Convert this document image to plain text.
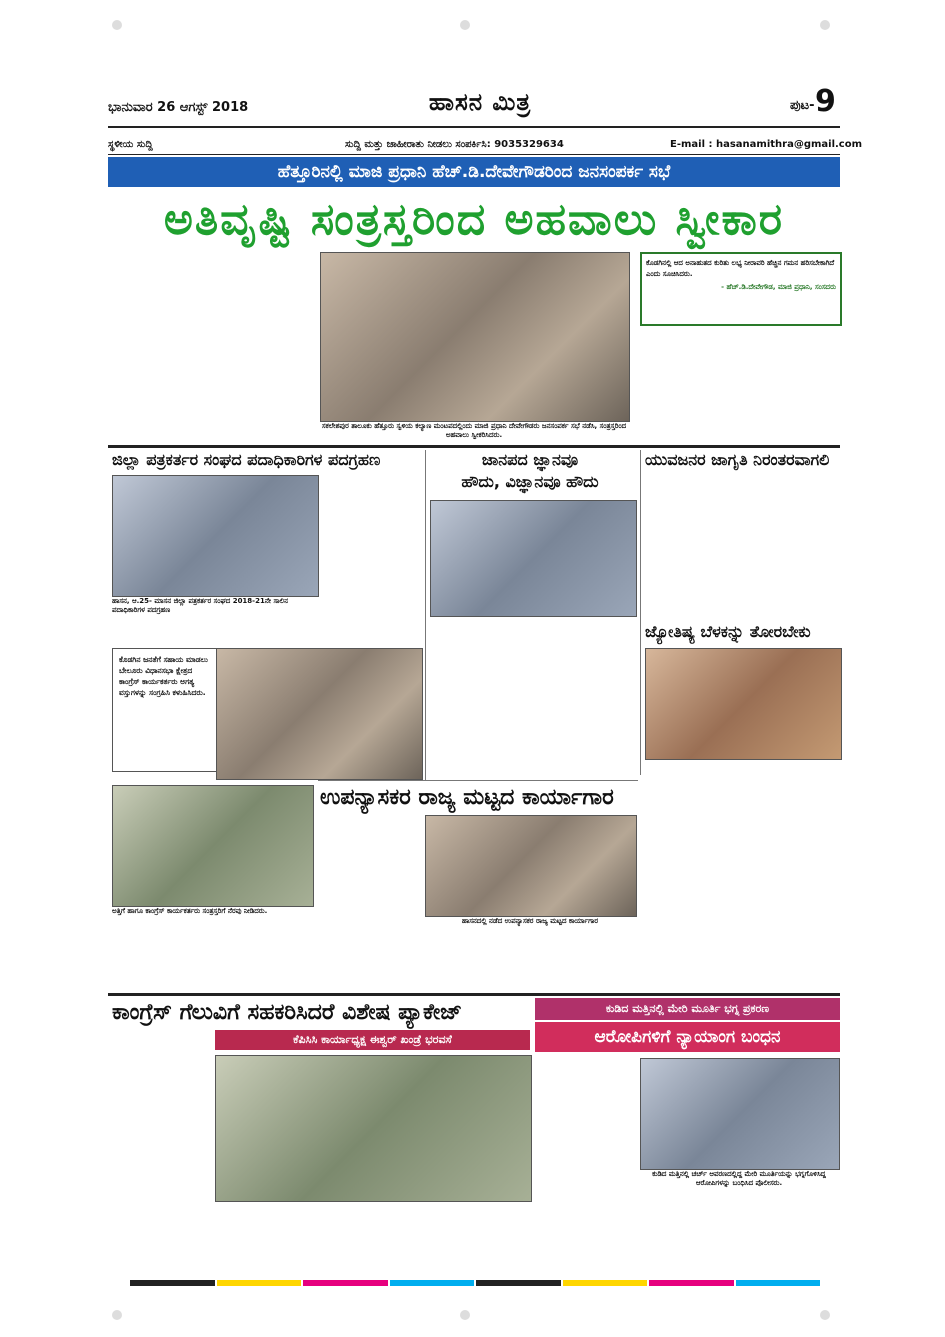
ಭಾನುವಾರ 26 ಆಗಸ್ಟ್ 2018	ಹಾಸನ ಮಿತ್ರ	ಪುಟ- 9
ಸ್ಥಳೀಯ ಸುದ್ದಿ	ಸುದ್ದಿ ಮತ್ತು ಜಾಹೀರಾತು ನೀಡಲು ಸಂಪರ್ಕಿಸಿ: 9035329634	E-mail : hasanamithra@gmail.com
ಹೆತ್ತೂರಿನಲ್ಲಿ ಮಾಜಿ ಪ್ರಧಾನಿ ಹೆಚ್.ಡಿ.ದೇವೇಗೌಡರಿಂದ ಜನಸಂಪರ್ಕ ಸಭೆ
ಅತಿವೃಷ್ಟಿ ಸಂತ್ರಸ್ತರಿಂದ ಅಹವಾಲು ಸ್ವೀಕಾರ
ಸಕಲೇಶಪುರ ತಾಲೂಕು ಹೆತ್ತೂರು ಸ್ವಳಿಯ ಕಲ್ಯಾಣ ಮಂಟಪದಲ್ಲಿಂದು ಮಾಜಿ ಪ್ರಧಾನಿ ದೇವೇಗೌಡರು ಜನಸಂಪರ್ಕ ಸಭೆ ನಡೆಸಿ, ಸಂತ್ರಸ್ತರಿಂದ ಅಹವಾಲು ಸ್ವೀಕರಿಸಿದರು.
ಕೊಡಗಿನಲ್ಲಿ ಆದ ಅನಾಹುತದ ಕುರಿತು ಲಭ್ಯ ನೀರಾವರಿ ಹೆಚ್ಚಿನ ಗಮನ ಹರಿಸಬೇಕಾಗಿದೆ ಎಂದು ಸೂಚಿಸಿದರು.
- ಹೆಚ್.ಡಿ.ದೇವೇಗೌಡ, ಮಾಜಿ ಪ್ರಧಾನಿ, ಸಂಸದರು
ಜಿಲ್ಲಾ ಪತ್ರಕರ್ತರ ಸಂಘದ ಪದಾಧಿಕಾರಿಗಳ ಪದಗ್ರಹಣ
ಹಾಸನ, ಆ.25- ಮಾಸನ ಜಿಲ್ಲಾ ಪತ್ರಕರ್ತರ ಸಂಘದ 2018-21ನೇ ಸಾಲಿನ ಪದಾಧಿಕಾರಿಗಳ ಪದಗ್ರಹಣ
ಕೊಡಗಿನ ಜನತೆಗೆ ಸಹಾಯ ಮಾಡಲು ಬೇಲೂರು ವಿಧಾನಸಭಾ ಕ್ಷೇತ್ರದ ಕಾಂಗ್ರೆಸ್ ಕಾರ್ಯಕರ್ತರು ಅಗತ್ಯ ವಸ್ತುಗಳನ್ನು ಸಂಗ್ರಹಿಸಿ ಕಳುಹಿಸಿದರು.
ಅತ್ತಿಗೆ ಹಾಗೂ ಕಾಂಗ್ರೆಸ್ ಕಾರ್ಯಕರ್ತರು ಸಂತ್ರಸ್ತರಿಗೆ ನೆರವು ನೀಡಿದರು.
ಜಾನಪದ ಜ್ಞಾನವೂ
ಹೌದು, ವಿಜ್ಞಾನವೂ ಹೌದು
ಯುವಜನರ ಜಾಗೃತಿ ನಿರಂತರವಾಗಲಿ
ಜ್ಯೋತಿಷ್ಯ ಬೆಳಕನ್ನು ತೋರಬೇಕು
ಉಪನ್ಯಾಸಕರ ರಾಜ್ಯ ಮಟ್ಟದ ಕಾರ್ಯಾಗಾರ
ಹಾಸನದಲ್ಲಿ ನಡೆದ ಉಪನ್ಯಾಸಕರ ರಾಜ್ಯ ಮಟ್ಟದ ಕಾರ್ಯಾಗಾರ
ಕಾಂಗ್ರೆಸ್ ಗೆಲುವಿಗೆ ಸಹಕರಿಸಿದರೆ ವಿಶೇಷ ಪ್ಯಾಕೇಜ್
ಕೆಪಿಸಿಸಿ ಕಾರ್ಯಾಧ್ಯಕ್ಷ ಈಶ್ವರ್ ಖಂಡ್ರೆ ಭರವಸೆ
ಕುಡಿದ ಮತ್ತಿನಲ್ಲಿ ಮೇರಿ ಮೂರ್ತಿ ಭಗ್ನ ಪ್ರಕರಣ
ಆರೋಪಿಗಳಿಗೆ ನ್ಯಾಯಾಂಗ ಬಂಧನ
ಕುಡಿದ ಮತ್ತಿನಲ್ಲಿ ಚರ್ಚ್ ಆವರಣದಲ್ಲಿದ್ದ ಮೇರಿ ಮೂರ್ತಿಯನ್ನು ಭಗ್ನಗೊಳಿಸಿದ್ದ ಆರೋಪಿಗಳನ್ನು ಬಂಧಿಸಿದ ಪೊಲೀಸರು.
